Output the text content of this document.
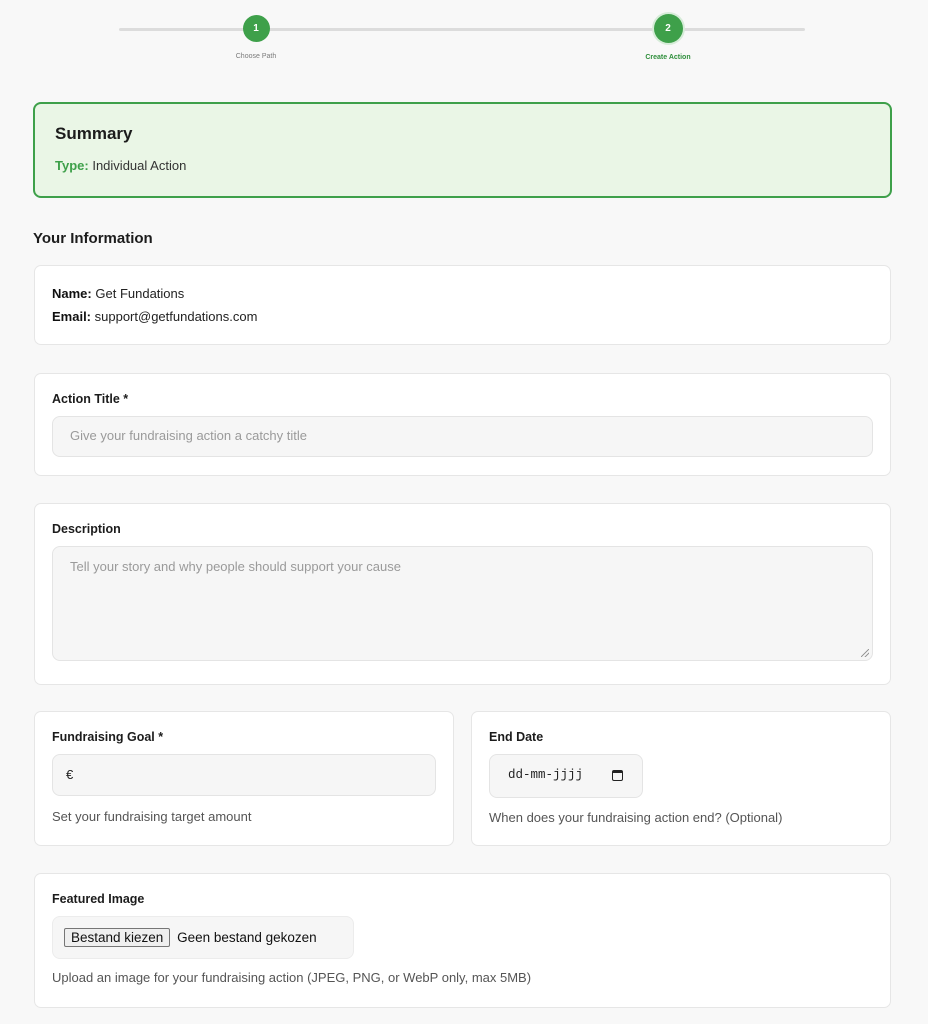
1
Choose Path
2
Create Action
Summary
Type: Individual Action
Your Information
Name: Get Fundations
Email: support@getfundations.com
Action Title *
Give your fundraising action a catchy title
Description
Tell your story and why people should support your cause
Fundraising Goal *
€
Set your fundraising target amount
End Date
dd-mm-jjjj
When does your fundraising action end? (Optional)
Featured Image
Bestand kiezen Geen bestand gekozen
Upload an image for your fundraising action (JPEG, PNG, or WebP only, max 5MB)
